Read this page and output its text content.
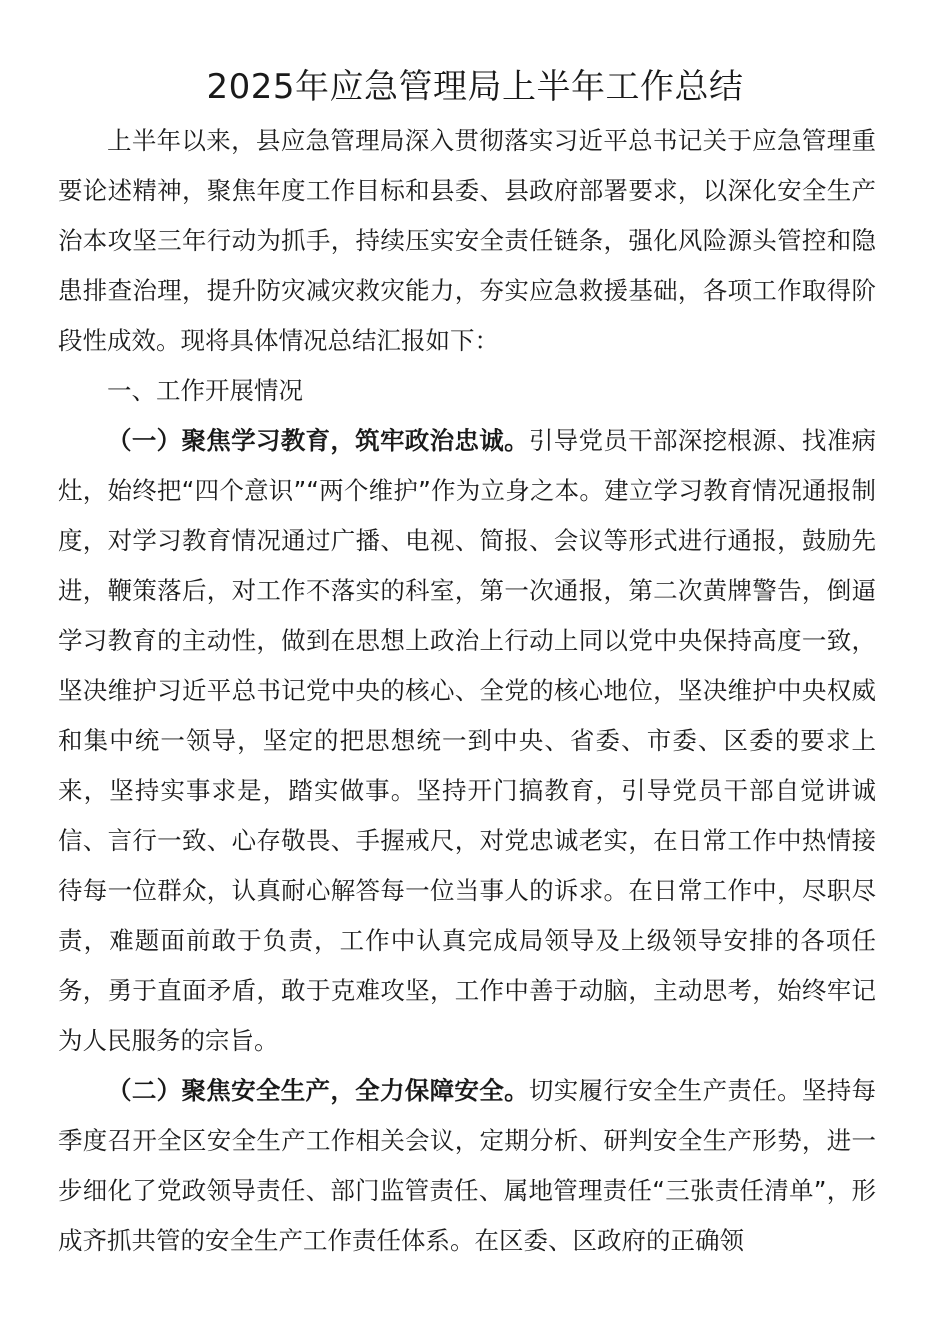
2025年应急管理局上半年工作总结

上半年以来，县应急管理局深入贯彻落实习近平总书记关于应急管理重要论述精神，聚焦年度工作目标和县委、县政府部署要求，以深化安全生产治本攻坚三年行动为抓手，持续压实安全责任链条，强化风险源头管控和隐患排查治理，提升防灾减灾救灾能力，夯实应急救援基础，各项工作取得阶段性成效。现将具体情况总结汇报如下：

一、工作开展情况

（一）聚焦学习教育，筑牢政治忠诚。引导党员干部深挖根源、找准病灶，始终把“四个意识”“两个维护”作为立身之本。建立学习教育情况通报制度，对学习教育情况通过广播、电视、简报、会议等形式进行通报，鼓励先进，鞭策落后，对工作不落实的科室，第一次通报，第二次黄牌警告，倒逼学习教育的主动性，做到在思想上政治上行动上同以党中央保持高度一致，坚决维护习近平总书记党中央的核心、全党的核心地位，坚决维护中央权威和集中统一领导，坚定的把思想统一到中央、省委、市委、区委的要求上来，坚持实事求是，踏实做事。坚持开门搞教育，引导党员干部自觉讲诚信、言行一致、心存敬畏、手握戒尺，对党忠诚老实，在日常工作中热情接待每一位群众，认真耐心解答每一位当事人的诉求。在日常工作中，尽职尽责，难题面前敢于负责，工作中认真完成局领导及上级领导安排的各项任务，勇于直面矛盾，敢于克难攻坚，工作中善于动脑，主动思考，始终牢记为人民服务的宗旨。

（二）聚焦安全生产，全力保障安全。切实履行安全生产责任。坚持每季度召开全区安全生产工作相关会议，定期分析、研判安全生产形势，进一步细化了党政领导责任、部门监管责任、属地管理责任“三张责任清单”，形成齐抓共管的安全生产工作责任体系。在区委、区政府的正确领
